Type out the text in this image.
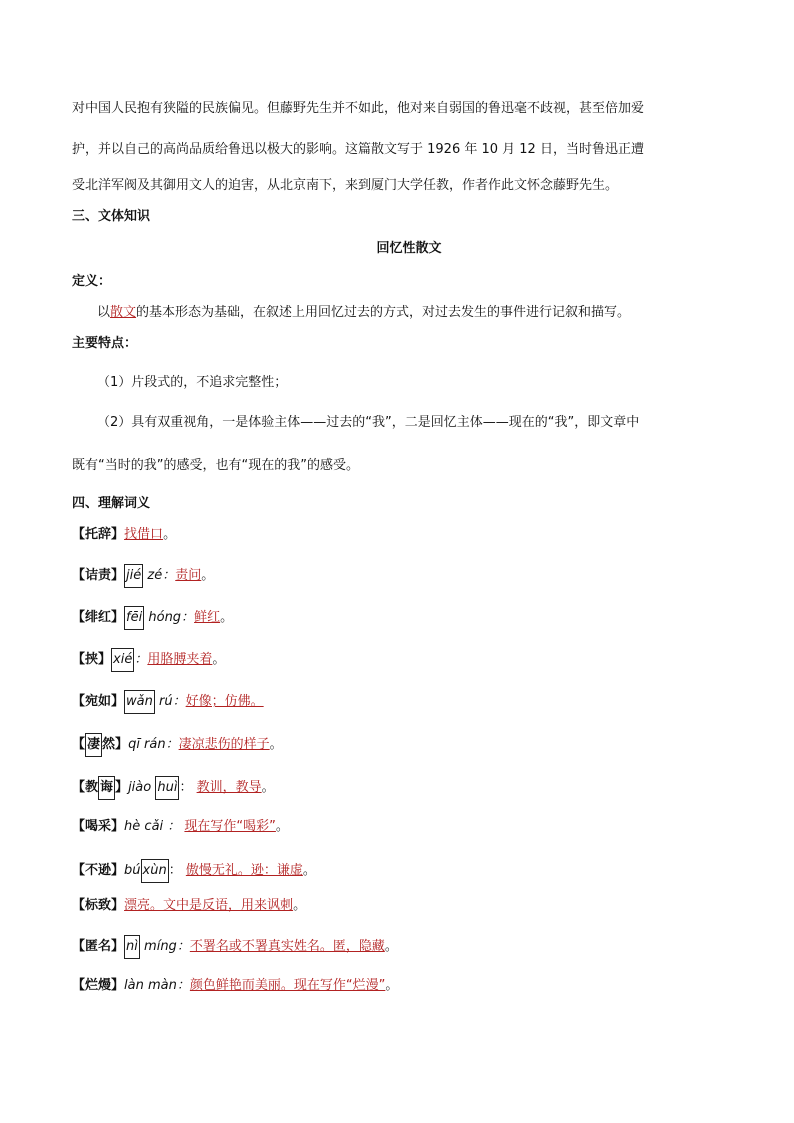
对中国人民抱有狭隘的民族偏见。但藤野先生并不如此，他对来自弱国的鲁迅毫不歧视，甚至倍加爱
护，并以自己的高尚品质给鲁迅以极大的影响。这篇散文写于 1926 年 10 月 12 日，当时鲁迅正遭
受北洋军阀及其御用文人的迫害，从北京南下，来到厦门大学任教，作者作此文怀念藤野先生。
三、文体知识
回忆性散文
定义：
以散文的基本形态为基础，在叙述上用回忆过去的方式，对过去发生的事件进行记叙和描写。
主要特点：
（1）片段式的，不追求完整性；
（2）具有双重视角，一是体验主体——过去的“我”，二是回忆主体——现在的“我”，即文章中
既有“当时的我”的感受，也有“现在的我”的感受。
四、理解词义
【托辞】找借口。
【诘责】 jié zé：责问。
【绯红】 fēi hóng：鲜红。
【挟】 xié ：用胳膊夹着。
【宛如】 wǎn rú：好像；仿佛。
【 凄 然】qī rán：凄凉悲伤的样子。
【教 诲 】jiào huì ： 教训，教导。
【喝采】hè cǎi ： 现在写作“喝彩”。
【不逊】bú xùn ： 傲慢无礼。逊：谦虚。
【标致】漂亮。文中是反语，用来讽刺。
【匿名】 nì míng：不署名或不署真实姓名。匿，隐藏。
【烂熳】làn màn：颜色鲜艳而美丽。现在写作“烂漫”。
